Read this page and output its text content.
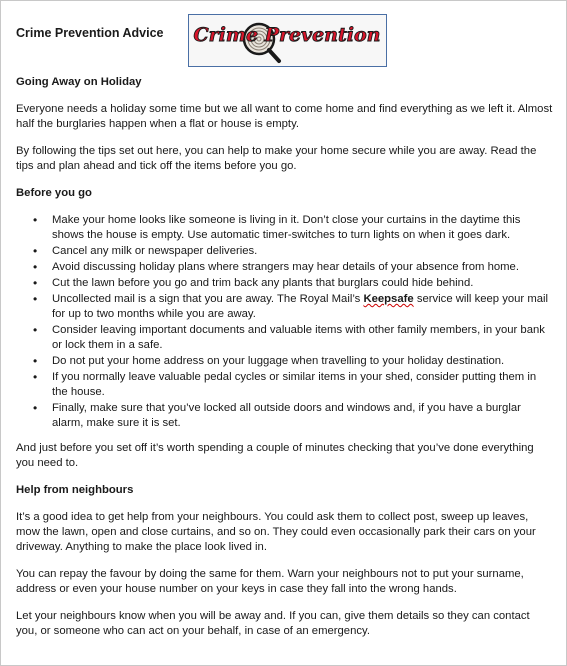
Crime Prevention Advice Crime Prevention
Going Away on Holiday

Everyone needs a holiday some time but we all want to come home and find everything as we left it. Almost half the burglaries happen when a flat or house is empty.

By following the tips set out here, you can help to make your home secure while you are away. Read the tips and plan ahead and tick off the items before you go.

Before you go
• Make your home looks like someone is living in it. Don’t close your curtains in the daytime this shows the house is empty. Use automatic timer-switches to turn lights on when it goes dark.
• Cancel any milk or newspaper deliveries.
• Avoid discussing holiday plans where strangers may hear details of your absence from home.
• Cut the lawn before you go and trim back any plants that burglars could hide behind.
• Uncollected mail is a sign that you are away. The Royal Mail’s Keepsafe service will keep your mail for up to two months while you are away.
• Consider leaving important documents and valuable items with other family members, in your bank or lock them in a safe.
• Do not put your home address on your luggage when travelling to your holiday destination.
• If you normally leave valuable pedal cycles or similar items in your shed, consider putting them in the house.
• Finally, make sure that you’ve locked all outside doors and windows and, if you have a burglar alarm, make sure it is set.

And just before you set off it’s worth spending a couple of minutes checking that you’ve done everything you need to.

Help from neighbours

It’s a good idea to get help from your neighbours. You could ask them to collect post, sweep up leaves, mow the lawn, open and close curtains, and so on. They could even occasionally park their cars on your driveway. Anything to make the place look lived in.

You can repay the favour by doing the same for them. Warn your neighbours not to put your surname, address or even your house number on your keys in case they fall into the wrong hands.

Let your neighbours know when you will be away and. If you can, give them details so they can contact you, or someone who can act on your behalf, in case of an emergency.
